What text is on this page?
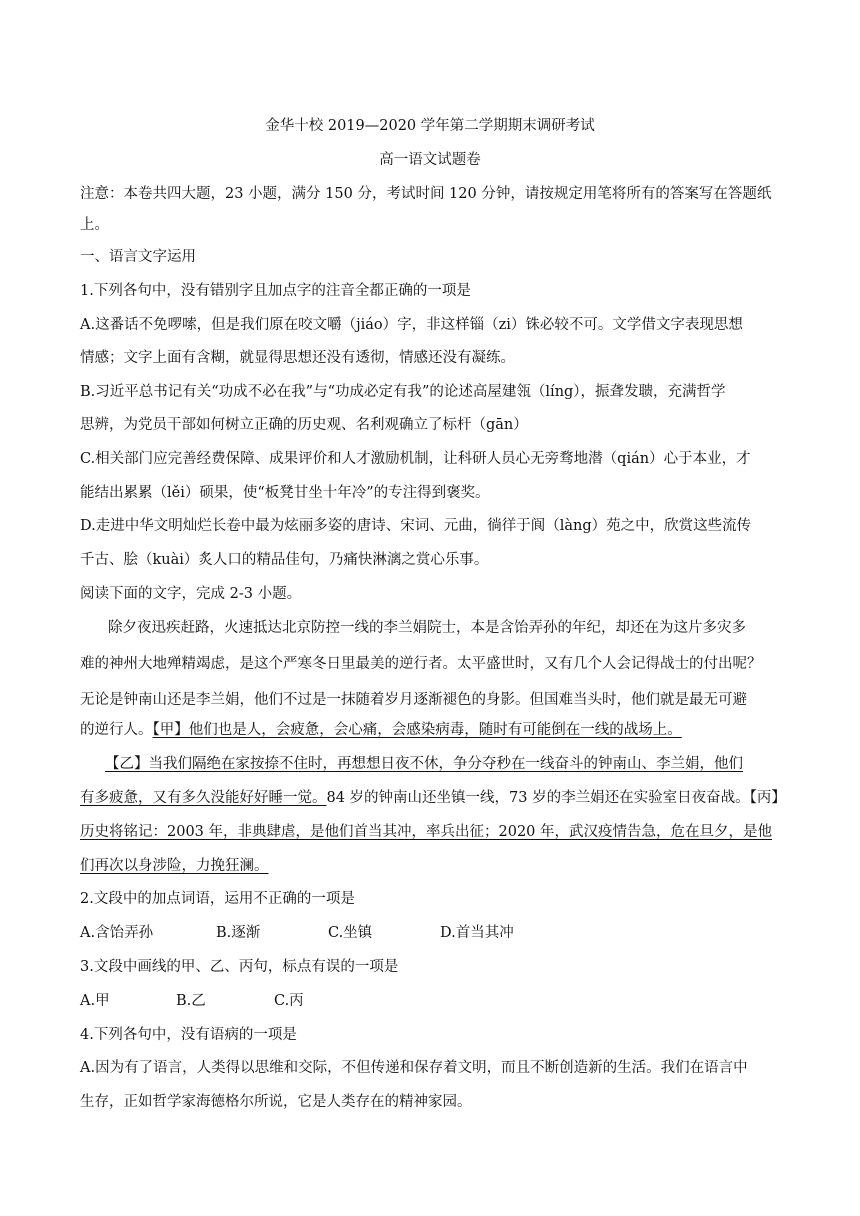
金华十校 2019—2020 学年第二学期期末调研考试
高一语文试题卷
注意：本卷共四大题，23 小题，满分 150 分，考试时间 120 分钟，请按规定用笔将所有的答案写在答题纸
上。
一、语言文字运用
1.下列各句中，没有错别字且加点字的注音全都正确的一项是
A.这番话不免啰嗦，但是我们原在咬文嚼（jiáo）字，非这样锱（zi）铢必较不可。文学借文字表现思想
情感；文字上面有含糊，就显得思想还没有透彻，情感还没有凝练。
B.习近平总书记有关“功成不必在我”与“功成必定有我”的论述高屋建瓴（líng），振聋发聩，充满哲学
思辨，为党员干部如何树立正确的历史观、名利观确立了标杆（gān）
C.相关部门应完善经费保障、成果评价和人才激励机制，让科研人员心无旁骛地潜（qián）心于本业，才
能结出累累（lěi）硕果，使“板凳甘坐十年冷”的专注得到褒奖。
D.走进中华文明灿烂长卷中最为炫丽多姿的唐诗、宋词、元曲，徜徉于阆（làng）苑之中，欣赏这些流传
千古、脍（kuài）炙人口的精品佳句，乃痛快淋漓之赏心乐事。
阅读下面的文字，完成 2-3 小题。
除夕夜迅疾赶路，火速抵达北京防控一线的李兰娟院士，本是含饴弄孙的年纪，却还在为这片多灾多
难的神州大地殚精竭虑，是这个严寒冬日里最美的逆行者。太平盛世时，又有几个人会记得战士的付出呢？
无论是钟南山还是李兰娟，他们不过是一抹随着岁月逐渐褪色的身影。但国难当头时，他们就是最无可避
的逆行人。【甲】他们也是人，会疲惫，会心痛，会感染病毒，随时有可能倒在一线的战场上。
【乙】当我们隔绝在家按捺不住时，再想想日夜不休，争分夺秒在一线奋斗的钟南山、李兰娟，他们
有多疲惫，又有多久没能好好睡一觉。84 岁的钟南山还坐镇一线，73 岁的李兰娟还在实验室日夜奋战。【丙】
历史将铭记：2003 年，非典肆虐，是他们首当其冲，率兵出征；2020 年，武汉疫情告急，危在旦夕，是他
们再次以身涉险，力挽狂澜。
2.文段中的加点词语，运用不正确的一项是
A.含饴弄孙	B.逐渐	C.坐镇	D.首当其冲
3.文段中画线的甲、乙、丙句，标点有误的一项是
A.甲	B.乙	C.丙
4.下列各句中，没有语病的一项是
A.因为有了语言，人类得以思维和交际，不但传递和保存着文明，而且不断创造新的生活。我们在语言中
生存，正如哲学家海德格尔所说，它是人类存在的精神家园。
